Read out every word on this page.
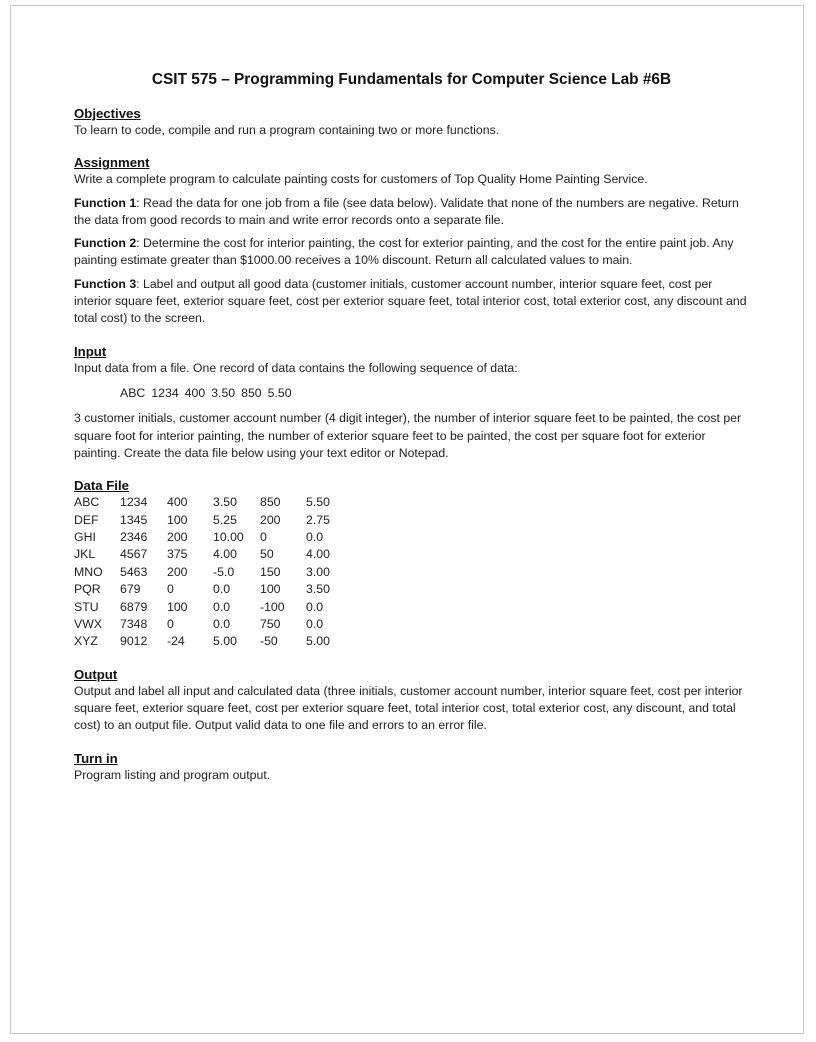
CSIT 575 – Programming Fundamentals for Computer Science Lab #6B
Objectives

To learn to code, compile and run a program containing two or more functions.

Assignment

Write a complete program to calculate painting costs for customers of Top Quality Home Painting Service.

Function 1: Read the data for one job from a file (see data below). Validate that none of the numbers are negative. Return the data from good records to main and write error records onto a separate file.

Function 2: Determine the cost for interior painting, the cost for exterior painting, and the cost for the entire paint job. Any painting estimate greater than $1000.00 receives a 10% discount. Return all calculated values to main.

Function 3: Label and output all good data (customer initials, customer account number, interior square feet, cost per interior square feet, exterior square feet, cost per exterior square feet, total interior cost, total exterior cost, any discount and total cost) to the screen.

Input

Input data from a file. One record of data contains the following sequence of data:

ABC 1234 400 3.50 850 5.50

3 customer initials, customer account number (4 digit integer), the number of interior square feet to be painted, the cost per square foot for interior painting, the number of exterior square feet to be painted, the cost per square foot for exterior painting. Create the data file below using your text editor or Notepad.

Data File
ABC	1234	400	3.50	850	5.50
DEF	1345	100	5.25	200	2.75
GHI	2346	200	10.00	0	0.0
JKL	4567	375	4.00	50	4.00
MNO	5463	200	-5.0	150	3.00
PQR	679	0	0.0	100	3.50
STU	6879	100	0.0	-100	0.0
VWX	7348	0	0.0	750	0.0
XYZ	9012	-24	5.00	-50	5.00
Output

Output and label all input and calculated data (three initials, customer account number, interior square feet, cost per interior square feet, exterior square feet, cost per exterior square feet, total interior cost, total exterior cost, any discount, and total cost) to an output file. Output valid data to one file and errors to an error file.

Turn in

Program listing and program output.
